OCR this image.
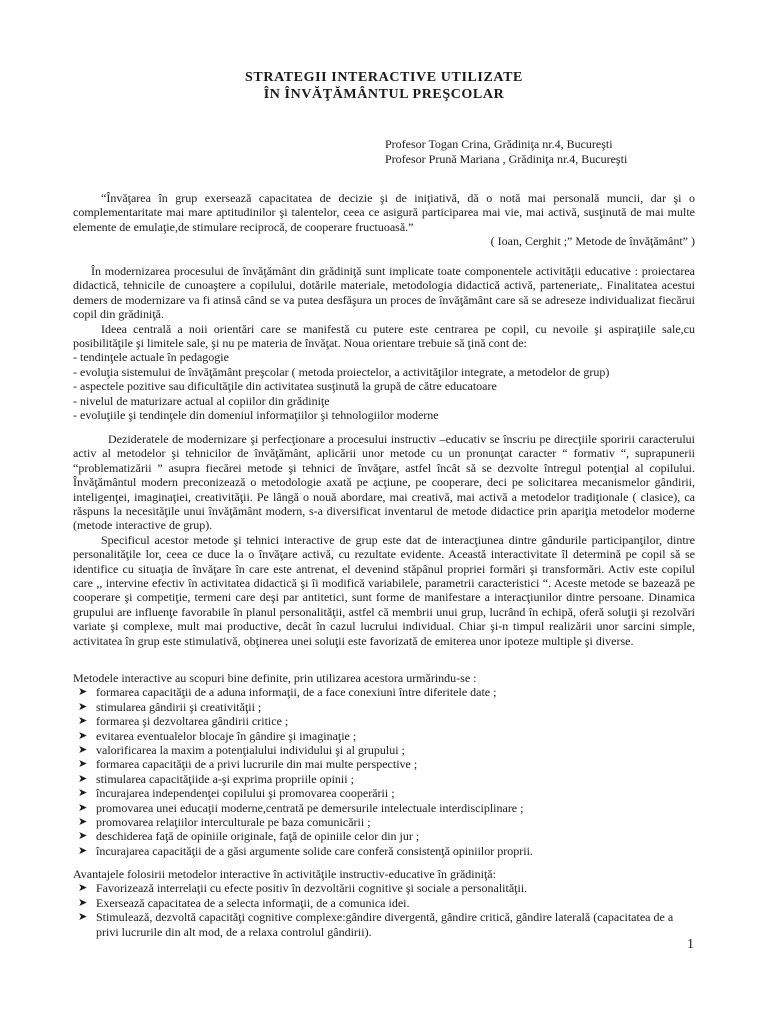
STRATEGII INTERACTIVE UTILIZATE
ÎN ÎNVĂŢĂMÂNTUL PREŞCOLAR
Profesor Togan Crina, Grădiniţa nr.4, Bucureşti
Profesor Prună Mariana , Grădiniţa nr.4, Bucureşti

“Învăţarea în grup exersează capacitatea de decizie şi de iniţiativă, dă o notă mai personală muncii, dar şi o complementaritate mai mare aptitudinilor şi talentelor, ceea ce asigură participarea mai vie, mai activă, susţinută de mai multe elemente de emulaţie,de stimulare reciprocă, de cooperare fructuoasă.”

( Ioan, Cerghit ;” Metode de învăţământ” )

În modernizarea procesului de învăţământ din grădiniţă sunt implicate toate componentele activităţii educative : proiectarea didactică, tehnicile de cunoaştere a copilului, dotările materiale, metodologia didactică activă, parteneriate,. Finalitatea acestui demers de modernizare va fi atinsă când se va putea desfăşura un proces de învăţământ care să se adreseze individualizat fiecărui copil din grădiniţă.

Ideea centrală a noii orientări care se manifestă cu putere este centrarea pe copil, cu nevoile şi aspiraţiile sale,cu posibilităţile şi limitele sale, şi nu pe materia de învăţat. Noua orientare trebuie să ţină cont de:

- tendinţele actuale în pedagogie

- evoluţia sistemului de învăţământ preşcolar ( metoda proiectelor, a activităţilor integrate, a metodelor de grup)

- aspectele pozitive sau dificultăţile din activitatea susţinută la grupă de către educatoare

- nivelul de maturizare actual al copiilor din grădiniţe

- evoluţiile şi tendinţele din domeniul informaţiilor şi tehnologiilor moderne

Dezideratele de modernizare şi perfecţionare a procesului instructiv –educativ se înscriu pe direcţiile sporirii caracterului activ al metodelor şi tehnicilor de învăţământ, aplicării unor metode cu un pronunţat caracter “ formativ “, suprapunerii “problematizării ” asupra fiecărei metode şi tehnici de învăţare, astfel încât să se dezvolte întregul potenţial al copilului. Învăţământul modern preconizează o metodologie axată pe acţiune, pe cooperare, deci pe solicitarea mecanismelor gândirii, inteligenţei, imaginaţiei, creativităţii. Pe lângă o nouă abordare, mai creativă, mai activă a metodelor tradiţionale ( clasice), ca răspuns la necesităţile unui învăţământ modern, s-a diversificat inventarul de metode didactice prin apariţia metodelor moderne (metode interactive de grup).

Specificul acestor metode şi tehnici interactive de grup este dat de interacţiunea dintre gândurile participanţilor, dintre personalităţile lor, ceea ce duce la o învăţare activă, cu rezultate evidente. Această interactivitate îl determină pe copil să se identifice cu situaţia de învăţare în care este antrenat, el devenind stăpânul propriei formări şi transformări. Activ este copilul care ,, intervine efectiv în activitatea didactică şi îi modifică variabilele, parametrii caracteristici “. Aceste metode se bazează pe cooperare şi competiţie, termeni care deşi par antitetici, sunt forme de manifestare a interacţiunilor dintre persoane. Dinamica grupului are influenţe favorabile în planul personalităţii, astfel că membrii unui grup, lucrând în echipă, oferă soluţii şi rezolvări variate şi complexe, mult mai productive, decât în cazul lucrului individual. Chiar şi-n timpul realizării unor sarcini simple, activitatea în grup este stimulativă, obţinerea unei soluţii este favorizată de emiterea unor ipoteze multiple şi diverse.

Metodele interactive au scopuri bine definite, prin utilizarea acestora urmărindu-se :

➤ formarea capacităţii de a aduna informaţii, de a face conexiuni între diferitele date ;
➤ stimularea gândirii şi creativităţii ;
➤ formarea şi dezvoltarea gândirii critice ;
➤ evitarea eventualelor blocaje în gândire şi imaginaţie ;
➤ valorificarea la maxim a potenţialului individului şi al grupului ;
➤ formarea capacităţii de a privi lucrurile din mai multe perspective ;
➤ stimularea capacităţiide a-şi exprima propriile opinii ;
➤ încurajarea independenţei copilului şi promovarea cooperării ;
➤ promovarea unei educaţii moderne,centrată pe demersurile intelectuale interdisciplinare ;
➤ promovarea relaţiilor interculturale pe baza comunicării ;
➤ deschiderea faţă de opiniile originale, faţă de opiniile celor din jur ;
➤ încurajarea capacităţii de a găsi argumente solide care conferă consistenţă opiniilor proprii.

Avantajele folosirii metodelor interactive în activităţile instructiv-educative în grădiniţă:

➤ Favorizează interrelaţii cu efecte positiv în dezvoltării cognitive şi sociale a personalităţii.
➤ Exersează capacitatea de a selecta informaţii, de a comunica idei.
➤ Stimulează, dezvoltă capacităţi cognitive complexe:gândire divergentă, gândire critică, gândire laterală (capacitatea de a privi lucrurile din alt mod, de a relaxa controlul gândirii).
1
